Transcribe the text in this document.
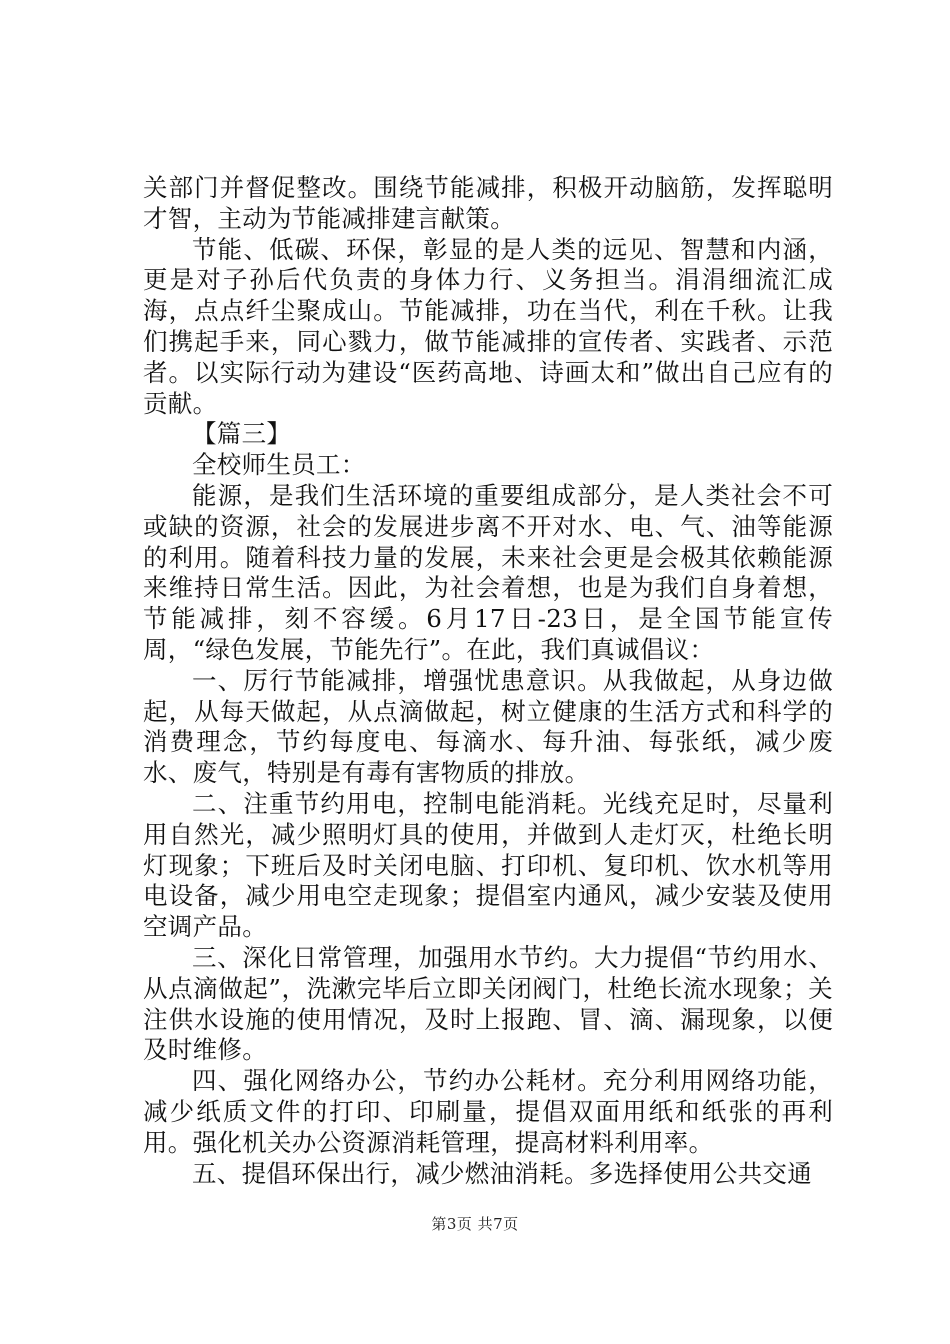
关部门并督促整改。围绕节能减排，积极开动脑筋，发挥聪明才智，主动为节能减排建言献策。

节能、低碳、环保，彰显的是人类的远见、智慧和内涵，更是对子孙后代负责的身体力行、义务担当。涓涓细流汇成海，点点纤尘聚成山。节能减排，功在当代，利在千秋。让我们携起手来，同心戮力，做节能减排的宣传者、实践者、示范者。以实际行动为建设“医药高地、诗画太和”做出自己应有的贡献。

【篇三】

全校师生员工：

能源，是我们生活环境的重要组成部分，是人类社会不可或缺的资源，社会的发展进步离不开对水、电、气、油等能源的利用。随着科技力量的发展，未来社会更是会极其依赖能源来维持日常生活。因此，为社会着想，也是为我们自身着想，节能减排，刻不容缓。6月17日-23日，是全国节能宣传周，“绿色发展，节能先行”。在此，我们真诚倡议：

一、厉行节能减排，增强忧患意识。从我做起，从身边做起，从每天做起，从点滴做起，树立健康的生活方式和科学的消费理念，节约每度电、每滴水、每升油、每张纸，减少废水、废气，特别是有毒有害物质的排放。

二、注重节约用电，控制电能消耗。光线充足时，尽量利用自然光，减少照明灯具的使用，并做到人走灯灭，杜绝长明灯现象；下班后及时关闭电脑、打印机、复印机、饮水机等用电设备，减少用电空走现象；提倡室内通风，减少安装及使用空调产品。

三、深化日常管理，加强用水节约。大力提倡“节约用水、从点滴做起”，洗漱完毕后立即关闭阀门，杜绝长流水现象；关注供水设施的使用情况，及时上报跑、冒、滴、漏现象，以便及时维修。

四、强化网络办公，节约办公耗材。充分利用网络功能，减少纸质文件的打印、印刷量，提倡双面用纸和纸张的再利用。强化机关办公资源消耗管理，提高材料利用率。

五、提倡环保出行，减少燃油消耗。多选择使用公共交通

第3页 共7页
